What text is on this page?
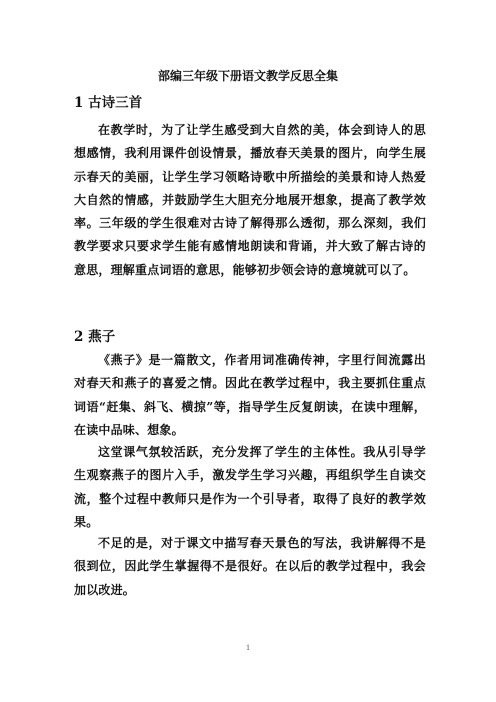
部编三年级下册语文教学反思全集
1 古诗三首
在教学时，为了让学生感受到大自然的美，体会到诗人的思想感情，我利用课件创设情景，播放春天美景的图片，向学生展示春天的美丽，让学生学习领略诗歌中所描绘的美景和诗人热爱大自然的情感，并鼓励学生大胆充分地展开想象，提高了教学效率。三年级的学生很难对古诗了解得那么透彻，那么深刻，我们教学要求只要求学生能有感情地朗读和背诵，并大致了解古诗的意思，理解重点词语的意思，能够初步领会诗的意境就可以了。
2 燕子
《燕子》是一篇散文，作者用词准确传神，字里行间流露出对春天和燕子的喜爱之情。因此在教学过程中，我主要抓住重点词语“赶集、斜飞、横掠”等，指导学生反复朗读，在读中理解，在读中品味、想象。
这堂课气氛较活跃，充分发挥了学生的主体性。我从引导学生观察燕子的图片入手，激发学生学习兴趣，再组织学生自读交流，整个过程中教师只是作为一个引导者，取得了良好的教学效果。
不足的是，对于课文中描写春天景色的写法，我讲解得不是很到位，因此学生掌握得不是很好。在以后的教学过程中，我会加以改进。
1
